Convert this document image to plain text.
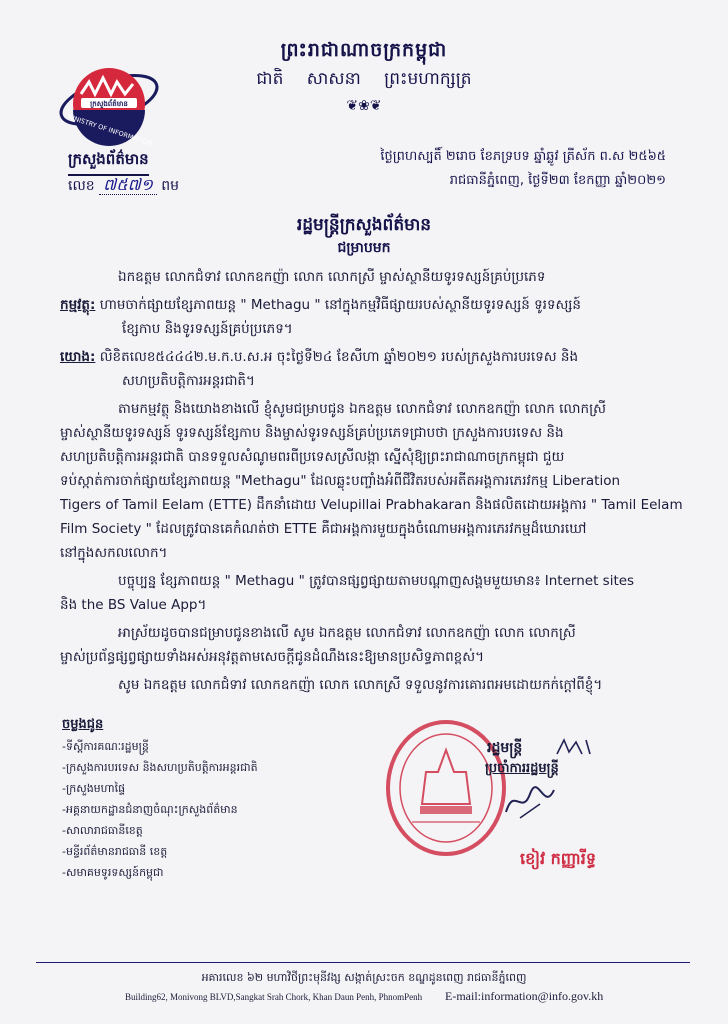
ព្រះរាជាណាចក្រកម្ពុជា
ជាតិ សាសនា ព្រះមហាក្សត្រ
❦❀❦
ក្រសួងព័ត៌មាន
MINISTRY OF INFORMATION
ក្រសួងព័ត៌មាន
លេខ ៧៥៧១ ពម
ថ្ងៃព្រហស្បតិ៍ ២រោច ខែភទ្របទ ឆ្នាំឆ្លូវ ត្រីស័ក ព.ស ២៥៦៥
រាជធានីភ្នំពេញ, ថ្ងៃទី២៣ ខែកញ្ញា ឆ្នាំ២០២១
រដ្ឋមន្ត្រីក្រសួងព័ត៌មាន
ជម្រាបមក
ឯកឧត្តម លោកជំទាវ លោកឧកញ៉ា លោក លោកស្រី ម្ចាស់ស្ថានីយទូរទស្សន៍គ្រប់ប្រភេទ
កម្មវត្ថុ: ហាមចាក់ផ្សាយខ្សែភាពយន្ត " Methagu " នៅក្នុងកម្មវិធីផ្សាយរបស់ស្ថានីយទូរទស្សន៍ ទូរទស្សន៍
ខ្សែកាប និងទូរទស្សន៍គ្រប់ប្រភេទ។
យោង: លិខិតលេខ៥៤៤៤២.ម.ក.ប.ស.អ ចុះថ្ងៃទី២៤ ខែសីហា ឆ្នាំ២០២១ របស់ក្រសួងការបរទេស និង
សហប្រតិបត្តិការអន្តរជាតិ។
តាមកម្មវត្ថុ និងយោងខាងលើ ខ្ញុំសូមជម្រាបជូន ឯកឧត្តម លោកជំទាវ លោកឧកញ៉ា លោក លោកស្រី
ម្ចាស់ស្ថានីយទូរទស្សន៍ ទូរទស្សន៍ខ្សែកាប និងម្ចាស់ទូរទស្សន៍គ្រប់ប្រភេទជ្រាបថា ក្រសួងការបរទេស និង
សហប្រតិបត្តិការអន្តរជាតិ បានទទួលសំណូមពរពីប្រទេសស្រីលង្កា ស្នើសុំឱ្យព្រះរាជាណាចក្រកម្ពុជា ជួយ
ទប់ស្កាត់ការចាក់ផ្សាយខ្សែភាពយន្ត "Methagu" ដែលឆ្លុះបញ្ចាំងអំពីជីវិតរបស់អតីតអង្គការភេរវកម្ម Liberation
Tigers of Tamil Eelam (ETTE) ដឹកនាំដោយ Velupillai Prabhakaran និងផលិតដោយអង្គការ " Tamil Eelam
Film Society " ដែលត្រូវបានគេកំណត់ថា ETTE គឺជាអង្គការមួយក្នុងចំណោមអង្គការភេរវកម្មដ៏ឃោរឃៅ
នៅក្នុងសកលលោក។
បច្ចុប្បន្ន ខ្សែភាពយន្ត " Methagu " ត្រូវបានផ្សព្វផ្សាយតាមបណ្តាញសង្គមមួយមាន៖ Internet sites
និង the BS Value App។
អាស្រ័យដូចបានជម្រាបជូនខាងលើ សូម ឯកឧត្តម លោកជំទាវ លោកឧកញ៉ា លោក លោកស្រី
ម្ចាស់ប្រព័ន្ធផ្សព្វផ្សាយទាំងអស់អនុវត្តតាមសេចក្តីជូនដំណឹងនេះឱ្យមានប្រសិទ្ធភាពខ្ពស់។
សូម ឯកឧត្តម លោកជំទាវ លោកឧកញ៉ា លោក លោកស្រី ទទួលនូវការគោរពអមដោយកក់ក្តៅពីខ្ញុំ។
ចម្លងជូន
-ទីស្តីការគណៈរដ្ឋមន្ត្រី
-ក្រសួងការបរទេស និងសហប្រតិបត្តិការអន្តរជាតិ
-ក្រសួងមហាផ្ទៃ
-អគ្គនាយកដ្ឋានជំនាញចំណុះក្រសួងព័ត៌មាន
-សាលារាជធានីខេត្ត
-មន្ទីរព័ត៌មានរាជធានី ខេត្ត
-សមាគមទូរទស្សន៍កម្ពុជា
រដ្ឋមន្ត្រី
ប្រចាំការរដ្ឋមន្ត្រី
ខៀវ កញ្ញារីទ្ធ
អគារលេខ ៦២ មហាវិថីព្រះមុនីវង្ស សង្កាត់ស្រះចក ខណ្ឌដូនពេញ រាជធានីភ្នំពេញ
Building62, Monivong BLVD,Sangkat Srah Chork, Khan Daun Penh, PhnomPenh E-mail:information@info.gov.kh
